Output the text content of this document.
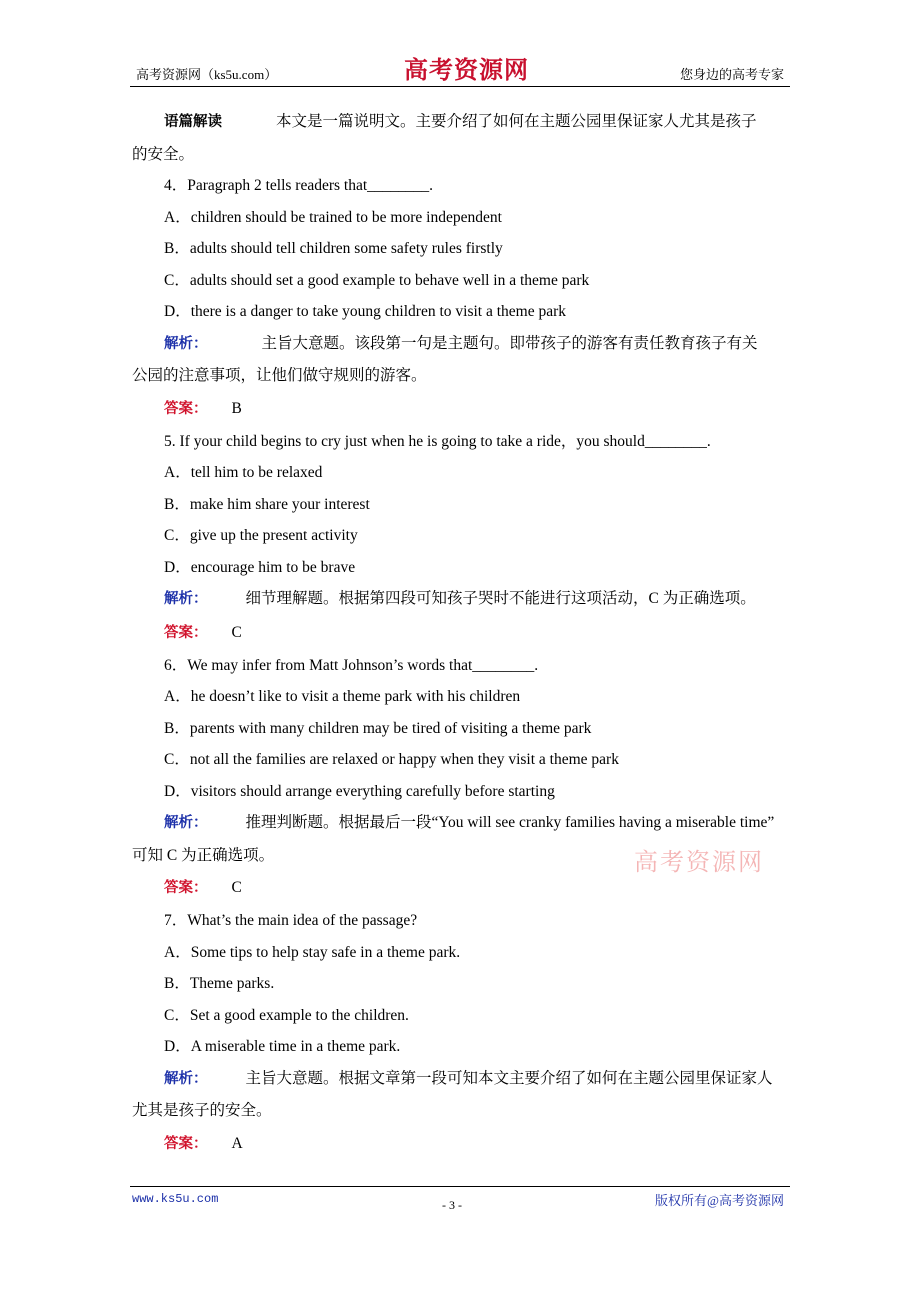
高考资源网（ks5u.com）	高考资源网	您身边的高考专家
语篇解读	本文是一篇说明文。主要介绍了如何在主题公园里保证家人尤其是孩子
的安全。
4．Paragraph 2 tells readers that________.
A．children should be trained to be more independent
B．adults should tell children some safety rules firstly
C．adults should set a good example to behave well in a theme park
D．there is a danger to take young children to visit a theme park
解析：	主旨大意题。该段第一句是主题句。即带孩子的游客有责任教育孩子有关
公园的注意事项，让他们做守规则的游客。
答案： B
5. If your child begins to cry just when he is going to take a ride，you should________.
A．tell him to be relaxed
B．make him share your interest
C．give up the present activity
D．encourage him to be brave
解析： 细节理解题。根据第四段可知孩子哭时不能进行这项活动，C 为正确选项。
答案： C
6．We may infer from Matt Johnson’s words that________.
A．he doesn’t like to visit a theme park with his children
B．parents with many children may be tired of visiting a theme park
C．not all the families are relaxed or happy when they visit a theme park
D．visitors should arrange everything carefully before starting
解析： 推理判断题。根据最后一段“You will see cranky families having a miserable time”
可知 C 为正确选项。
答案： C
7．What’s the main idea of the passage?
A．Some tips to help stay safe in a theme park.
B．Theme parks.
C．Set a good example to the children.
D．A miserable time in a theme park.
解析： 主旨大意题。根据文章第一段可知本文主要介绍了如何在主题公园里保证家人
尤其是孩子的安全。
答案： A
高考资源网
www.ks5u.com	- 3 -	版权所有@高考资源网
